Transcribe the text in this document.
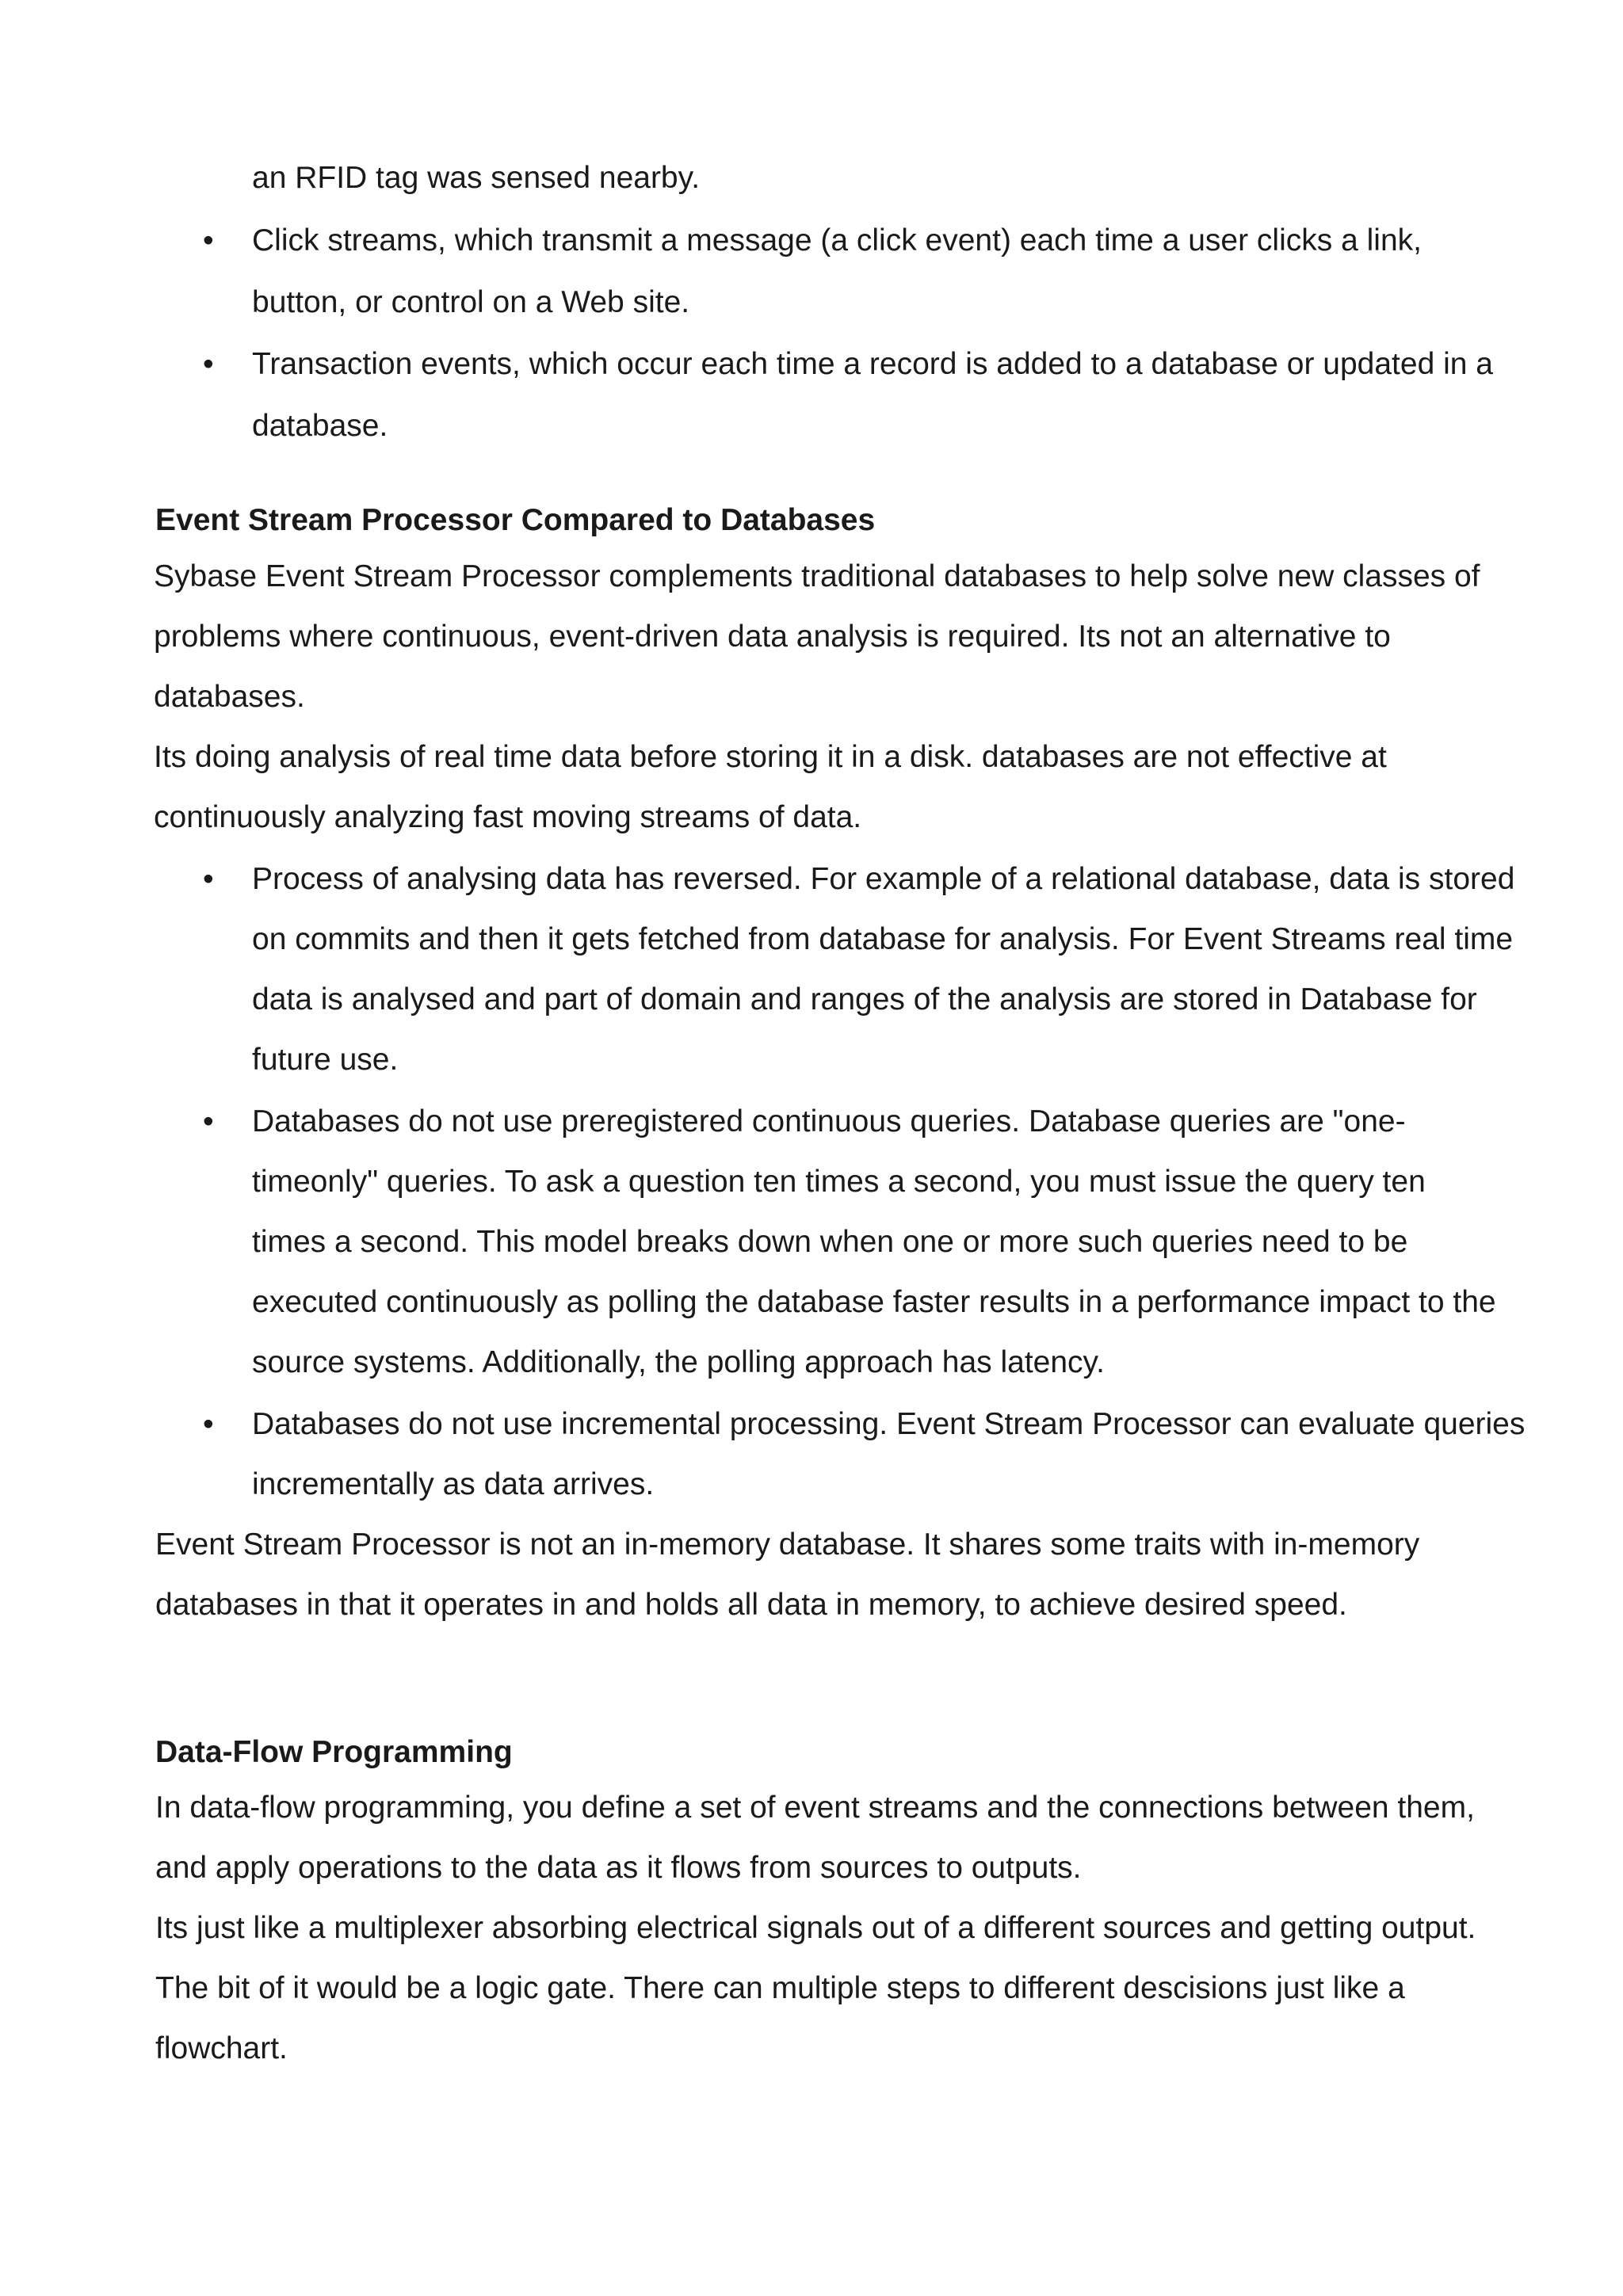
an RFID tag was sensed nearby.
• Click streams, which transmit a message (a click event) each time a user clicks a link,
button, or control on a Web site.
• Transaction events, which occur each time a record is added to a database or updated in a
database.
Event Stream Processor Compared to Databases
Sybase Event Stream Processor complements traditional databases to help solve new classes of
problems where continuous, event-driven data analysis is required. Its not an alternative to
databases.
Its doing analysis of real time data before storing it in a disk. databases are not effective at
continuously analyzing fast moving streams of data.
• Process of analysing data has reversed. For example of a relational database, data is stored
on commits and then it gets fetched from database for analysis. For Event Streams real time
data is analysed and part of domain and ranges of the analysis are stored in Database for
future use.
• Databases do not use preregistered continuous queries. Database queries are "one-
timeonly" queries. To ask a question ten times a second, you must issue the query ten
times a second. This model breaks down when one or more such queries need to be
executed continuously as polling the database faster results in a performance impact to the
source systems. Additionally, the polling approach has latency.
• Databases do not use incremental processing. Event Stream Processor can evaluate queries
incrementally as data arrives.
Event Stream Processor is not an in-memory database. It shares some traits with in-memory
databases in that it operates in and holds all data in memory, to achieve desired speed.
Data-Flow Programming
In data-flow programming, you define a set of event streams and the connections between them,
and apply operations to the data as it flows from sources to outputs.
Its just like a multiplexer absorbing electrical signals out of a different sources and getting output.
The bit of it would be a logic gate. There can multiple steps to different descisions just like a
flowchart.
